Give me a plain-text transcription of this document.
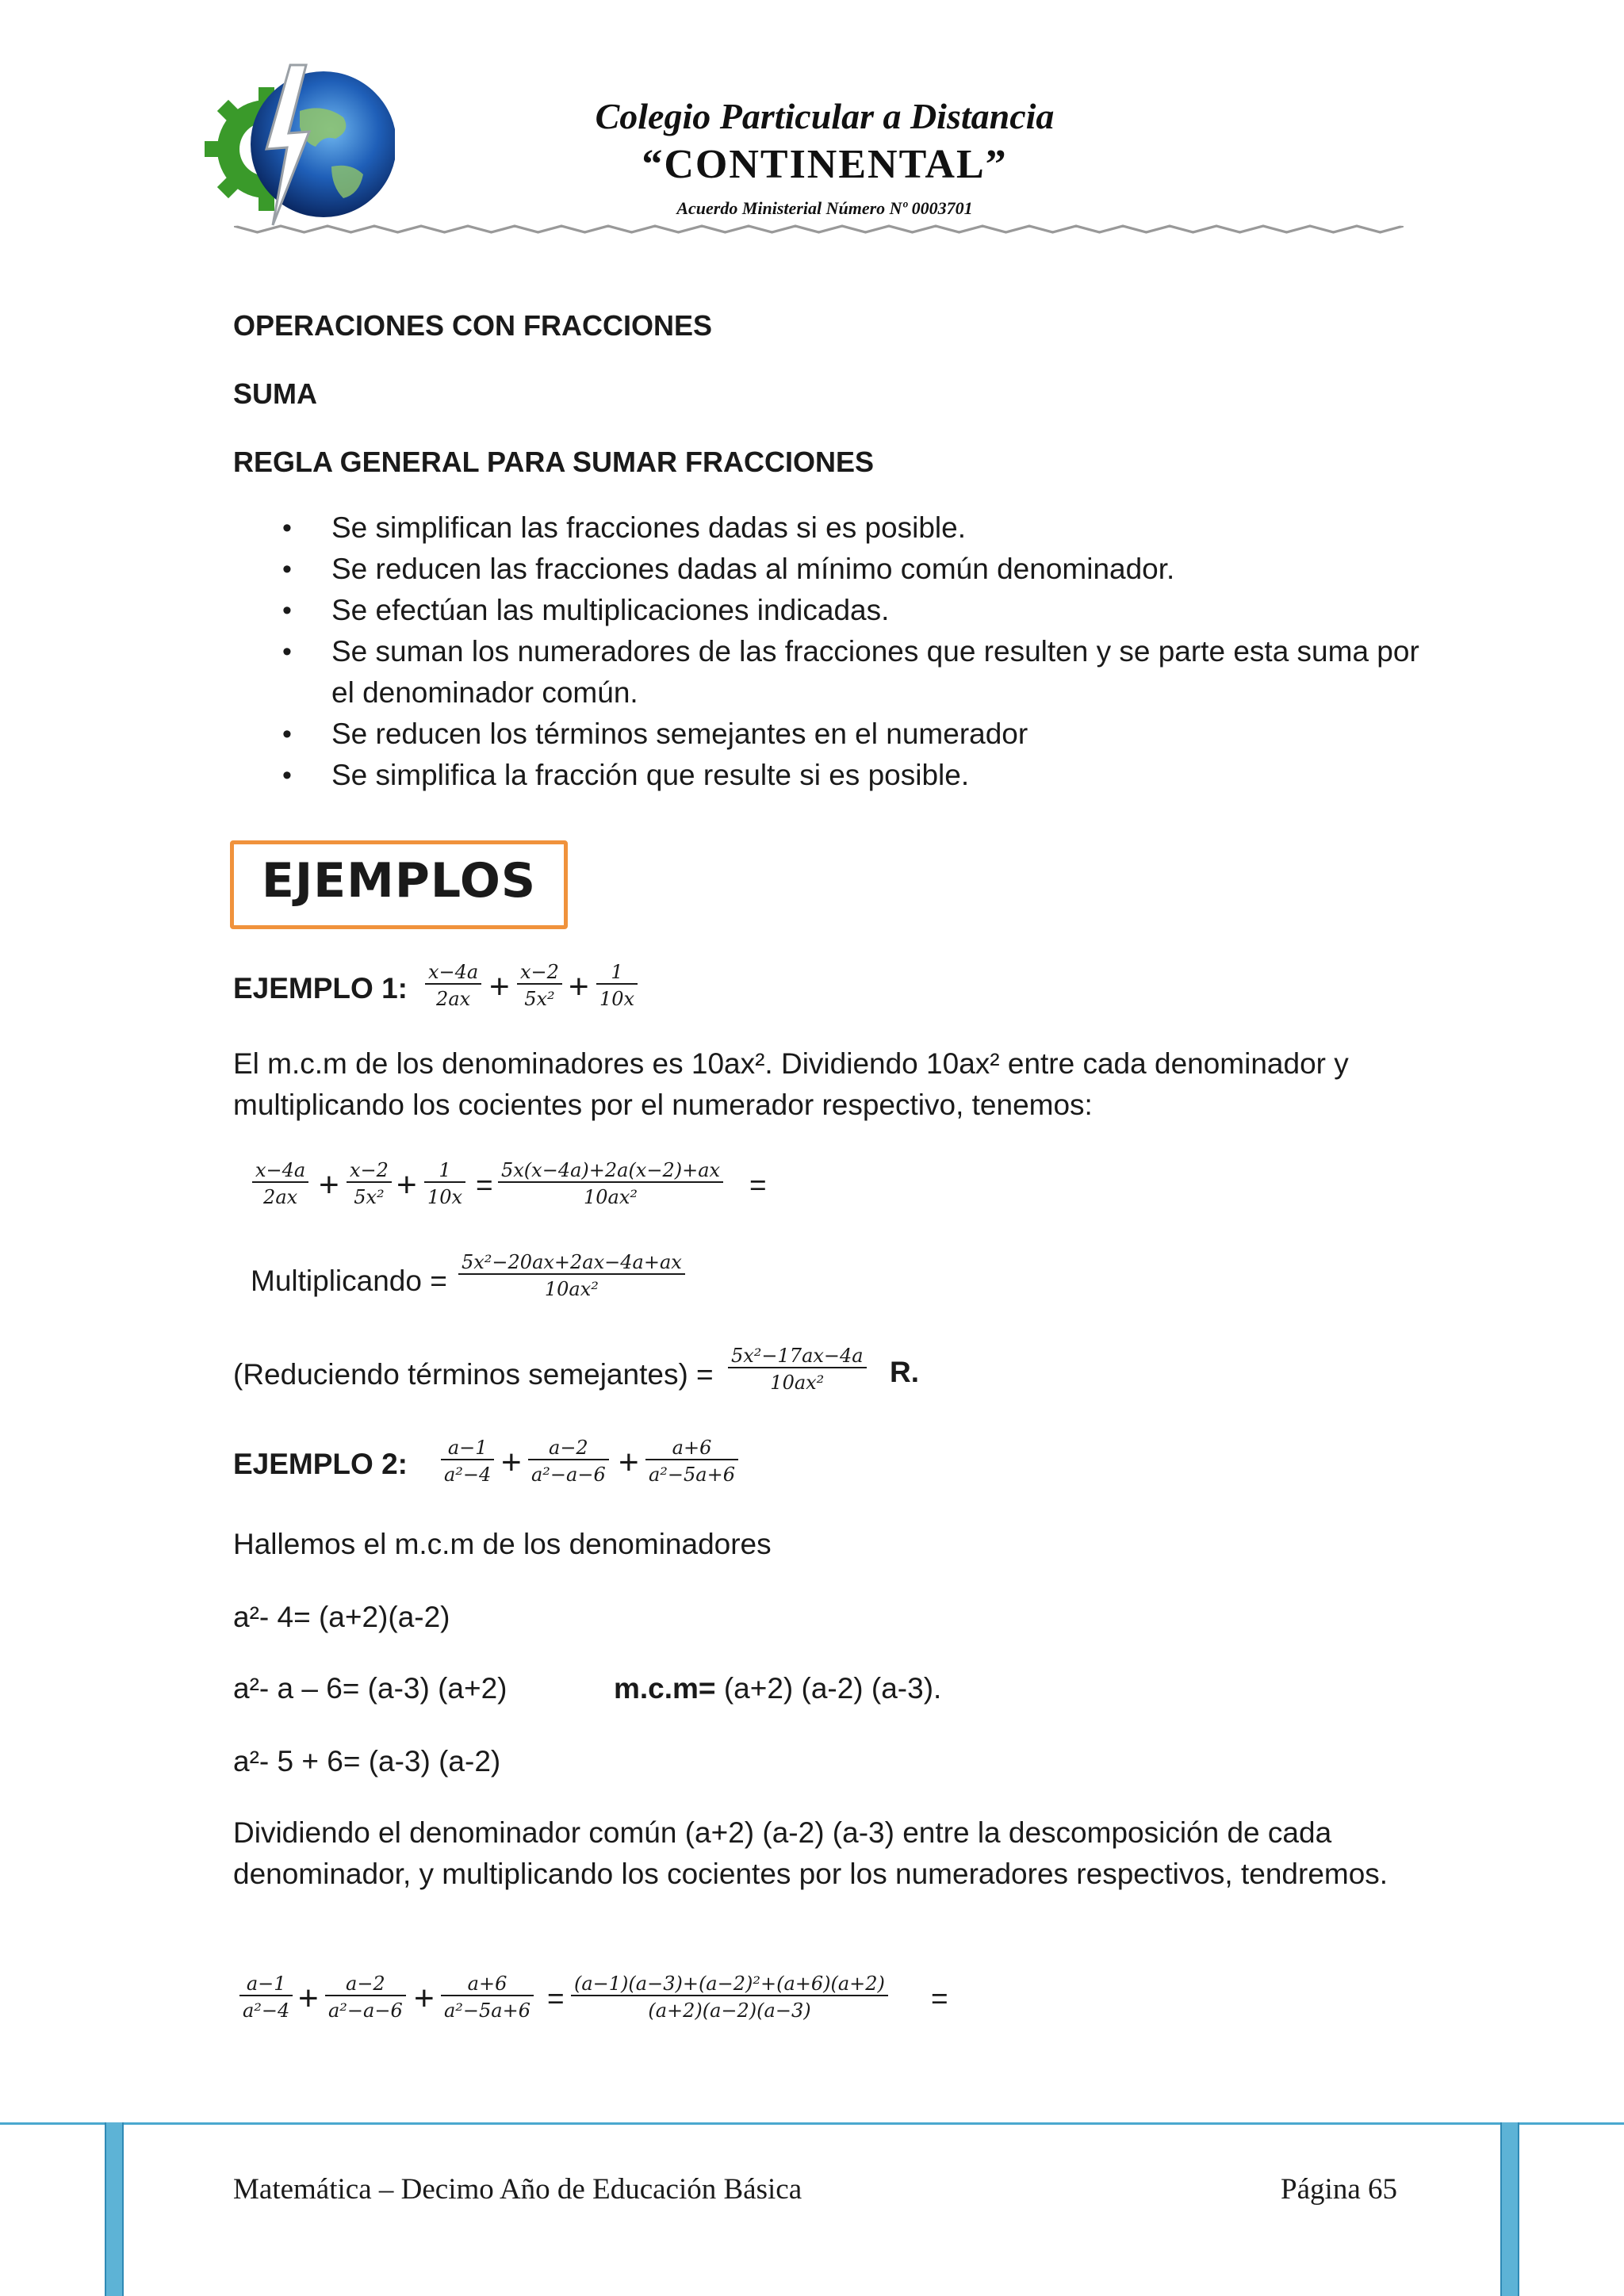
Colegio Particular a Distancia
“CONTINENTAL”
Acuerdo Ministerial Número Nº 0003701
OPERACIONES CON FRACCIONES
SUMA
REGLA GENERAL PARA SUMAR FRACCIONES
• Se simplifican las fracciones dadas si es posible.
• Se reducen las fracciones dadas al mínimo común denominador.
• Se efectúan las multiplicaciones indicadas.
• Se suman los numeradores de las fracciones que resulten y se parte esta suma por el denominador común.
• Se reducen los términos semejantes en el numerador
• Se simplifica la fracción que resulte si es posible.
EJEMPLOS
EJEMPLO 1: $\frac{x-4a}{2ax} + \frac{x-2}{\text{5x²}} + \frac{1}{10x}$
El m.c.m de los denominadores es 10ax². Dividiendo 10ax² entre cada denominador y multiplicando los cocientes por el numerador respectivo, tenemos:
$\frac{x-4a}{2ax} + \frac{x-2}{\text{5x²}} + \frac{1}{10x} = \frac{5x(x-4a)+2a(x-2)+ax}{\text{10ax²}}$ =
Multiplicando = $\frac{\text{5x²−20ax+2ax−4a+ax}}{\text{10ax²}}$
(Reduciendo términos semejantes) = $\frac{\text{5x²−17ax−4a}}{\text{10ax²}} R$.
EJEMPLO 2: $\frac{a-1}{\text{a²−4}} + \frac{a-2}{\text{a²−a−6}} + \frac{a+6}{\text{a²−5a+6}}$
Hallemos el m.c.m de los denominadores
a²- 4= (a+2)(a-2)
a²- a – 6= (a-3) (a+2)	m.c.m= (a+2) (a-2) (a-3).
a²- 5 + 6= (a-3) (a-2)
Dividiendo el denominador común (a+2) (a-2) (a-3) entre la descomposición de cada denominador, y multiplicando los cocientes por los numeradores respectivos, tendremos.
$\frac{a-1}{\text{a²−4}} + \frac{a-2}{\text{a²−a−6}} + \frac{a+6}{\text{a²−5a+6}} = \frac{\text{(a−1)(a−3)+(a−2)²+(a+6)(a+2)}}{(a+2)(a-2)(a-3)}$ =
Matemática – Decimo Año de Educación Básica	Página 65
